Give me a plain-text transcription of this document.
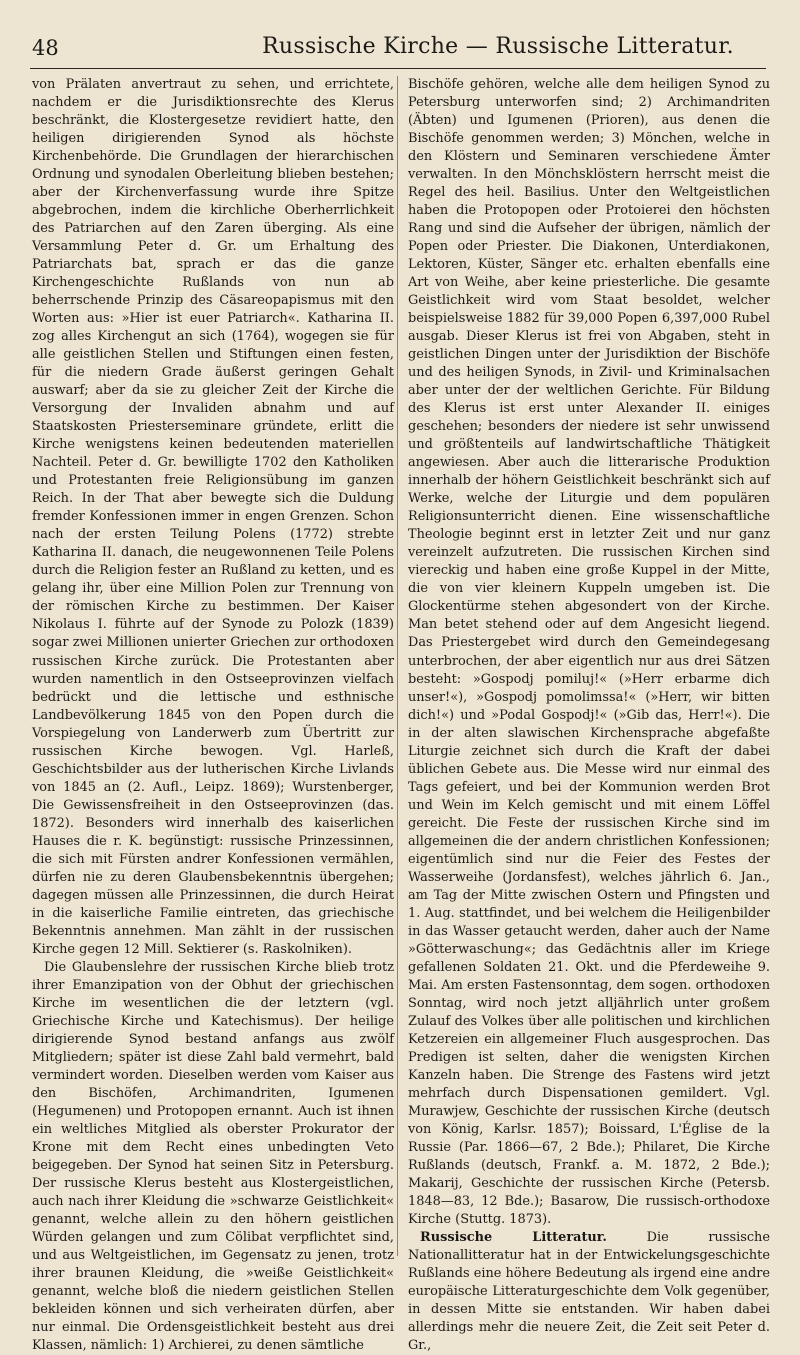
48	Russische Kirche — Russische Litteratur.

von Prälaten anvertraut zu sehen, und errichtete, nachdem er die Jurisdiktionsrechte des Klerus beschränkt, die Klostergesetze revidiert hatte, den heiligen dirigierenden Synod als höchste Kirchenbehörde. Die Grundlagen der hierarchischen Ordnung und synodalen Oberleitung blieben bestehen; aber der Kirchenverfassung wurde ihre Spitze abgebrochen, indem die kirchliche Oberherrlichkeit des Patriarchen auf den Zaren überging. Als eine Versammlung Peter d. Gr. um Erhaltung des Patriarchats bat, sprach er das die ganze Kirchengeschichte Rußlands von nun ab beherrschende Prinzip des Cäsareopapismus mit den Worten aus: »Hier ist euer Patriarch«. Katharina II. zog alles Kirchengut an sich (1764), wogegen sie für alle geistlichen Stellen und Stiftungen einen festen, für die niedern Grade äußerst geringen Gehalt auswarf; aber da sie zu gleicher Zeit der Kirche die Versorgung der Invaliden abnahm und auf Staatskosten Priesterseminare gründete, erlitt die Kirche wenigstens keinen bedeutenden materiellen Nachteil. Peter d. Gr. bewilligte 1702 den Katholiken und Protestanten freie Religionsübung im ganzen Reich. In der That aber bewegte sich die Duldung fremder Konfessionen immer in engen Grenzen. Schon nach der ersten Teilung Polens (1772) strebte Katharina II. danach, die neugewonnenen Teile Polens durch die Religion fester an Rußland zu ketten, und es gelang ihr, über eine Million Polen zur Trennung von der römischen Kirche zu bestimmen. Der Kaiser Nikolaus I. führte auf der Synode zu Polozk (1839) sogar zwei Millionen unierter Griechen zur orthodoxen russischen Kirche zurück. Die Protestanten aber wurden namentlich in den Ostseeprovinzen vielfach bedrückt und die lettische und esthnische Landbevölkerung 1845 von den Popen durch die Vorspiegelung von Landerwerb zum Übertritt zur russischen Kirche bewogen. Vgl. Harleß, Geschichtsbilder aus der lutherischen Kirche Livlands von 1845 an (2. Aufl., Leipz. 1869); Wurstenberger, Die Gewissensfreiheit in den Ostseeprovinzen (das. 1872). Besonders wird innerhalb des kaiserlichen Hauses die r. K. begünstigt: russische Prinzessinnen, die sich mit Fürsten andrer Konfessionen vermählen, dürfen nie zu deren Glaubensbekenntnis übergehen; dagegen müssen alle Prinzessinnen, die durch Heirat in die kaiserliche Familie eintreten, das griechische Bekenntnis annehmen. Man zählt in der russischen Kirche gegen 12 Mill. Sektierer (s. Raskolniken).

Die Glaubenslehre der russischen Kirche blieb trotz ihrer Emanzipation von der Obhut der griechischen Kirche im wesentlichen die der letztern (vgl. Griechische Kirche und Katechismus). Der heilige dirigierende Synod bestand anfangs aus zwölf Mitgliedern; später ist diese Zahl bald vermehrt, bald vermindert worden. Dieselben werden vom Kaiser aus den Bischöfen, Archimandriten, Igumenen (Hegumenen) und Protopopen ernannt. Auch ist ihnen ein weltliches Mitglied als oberster Prokurator der Krone mit dem Recht eines unbedingten Veto beigegeben. Der Synod hat seinen Sitz in Petersburg. Der russische Klerus besteht aus Klostergeistlichen, auch nach ihrer Kleidung die »schwarze Geistlichkeit« genannt, welche allein zu den höhern geistlichen Würden gelangen und zum Cölibat verpflichtet sind, und aus Weltgeistlichen, im Gegensatz zu jenen, trotz ihrer braunen Kleidung, die »weiße Geistlichkeit« genannt, welche bloß die niedern geistlichen Stellen bekleiden können und sich verheiraten dürfen, aber nur einmal. Die Ordensgeistlichkeit besteht aus drei Klassen, nämlich: 1) Archierei, zu denen sämtliche

Bischöfe gehören, welche alle dem heiligen Synod zu Petersburg unterworfen sind; 2) Archimandriten (Äbten) und Igumenen (Prioren), aus denen die Bischöfe genommen werden; 3) Mönchen, welche in den Klöstern und Seminaren verschiedene Ämter verwalten. In den Mönchsklöstern herrscht meist die Regel des heil. Basilius. Unter den Weltgeistlichen haben die Protopopen oder Protoierei den höchsten Rang und sind die Aufseher der übrigen, nämlich der Popen oder Priester. Die Diakonen, Unterdiakonen, Lektoren, Küster, Sänger etc. erhalten ebenfalls eine Art von Weihe, aber keine priesterliche. Die gesamte Geistlichkeit wird vom Staat besoldet, welcher beispielsweise 1882 für 39,000 Popen 6,397,000 Rubel ausgab. Dieser Klerus ist frei von Abgaben, steht in geistlichen Dingen unter der Jurisdiktion der Bischöfe und des heiligen Synods, in Zivil- und Kriminalsachen aber unter der der weltlichen Gerichte. Für Bildung des Klerus ist erst unter Alexander II. einiges geschehen; besonders der niedere ist sehr unwissend und größtenteils auf landwirtschaftliche Thätigkeit angewiesen. Aber auch die litterarische Produktion innerhalb der höhern Geistlichkeit beschränkt sich auf Werke, welche der Liturgie und dem populären Religionsunterricht dienen. Eine wissenschaftliche Theologie beginnt erst in letzter Zeit und nur ganz vereinzelt aufzutreten. Die russischen Kirchen sind viereckig und haben eine große Kuppel in der Mitte, die von vier kleinern Kuppeln umgeben ist. Die Glockentürme stehen abgesondert von der Kirche. Man betet stehend oder auf dem Angesicht liegend. Das Priestergebet wird durch den Gemeindegesang unterbrochen, der aber eigentlich nur aus drei Sätzen besteht: »Gospodj pomiluj!« (»Herr erbarme dich unser!«), »Gospodj pomolimssa!« (»Herr, wir bitten dich!«) und »Podal Gospodj!« (»Gib das, Herr!«). Die in der alten slawischen Kirchensprache abgefaßte Liturgie zeichnet sich durch die Kraft der dabei üblichen Gebete aus. Die Messe wird nur einmal des Tags gefeiert, und bei der Kommunion werden Brot und Wein im Kelch gemischt und mit einem Löffel gereicht. Die Feste der russischen Kirche sind im allgemeinen die der andern christlichen Konfessionen; eigentümlich sind nur die Feier des Festes der Wasserweihe (Jordansfest), welches jährlich 6. Jan., am Tag der Mitte zwischen Ostern und Pfingsten und 1. Aug. stattfindet, und bei welchem die Heiligenbilder in das Wasser getaucht werden, daher auch der Name »Götterwaschung«; das Gedächtnis aller im Kriege gefallenen Soldaten 21. Okt. und die Pferdeweihe 9. Mai. Am ersten Fastensonntag, dem sogen. orthodoxen Sonntag, wird noch jetzt alljährlich unter großem Zulauf des Volkes über alle politischen und kirchlichen Ketzereien ein allgemeiner Fluch ausgesprochen. Das Predigen ist selten, daher die wenigsten Kirchen Kanzeln haben. Die Strenge des Fastens wird jetzt mehrfach durch Dispensationen gemildert. Vgl. Murawjew, Geschichte der russischen Kirche (deutsch von König, Karlsr. 1857); Boissard, L'Église de la Russie (Par. 1866—67, 2 Bde.); Philaret, Die Kirche Rußlands (deutsch, Frankf. a. M. 1872, 2 Bde.); Makarij, Geschichte der russischen Kirche (Petersb. 1848—83, 12 Bde.); Basarow, Die russisch-orthodoxe Kirche (Stuttg. 1873).

Russische Litteratur.	Die russische Nationallitteratur hat in der Entwickelungsgeschichte Rußlands eine höhere Bedeutung als irgend eine andre europäische Litteraturgeschichte dem Volk gegenüber, in dessen Mitte sie entstanden. Wir haben dabei allerdings mehr die neuere Zeit, die Zeit seit Peter d. Gr.,
